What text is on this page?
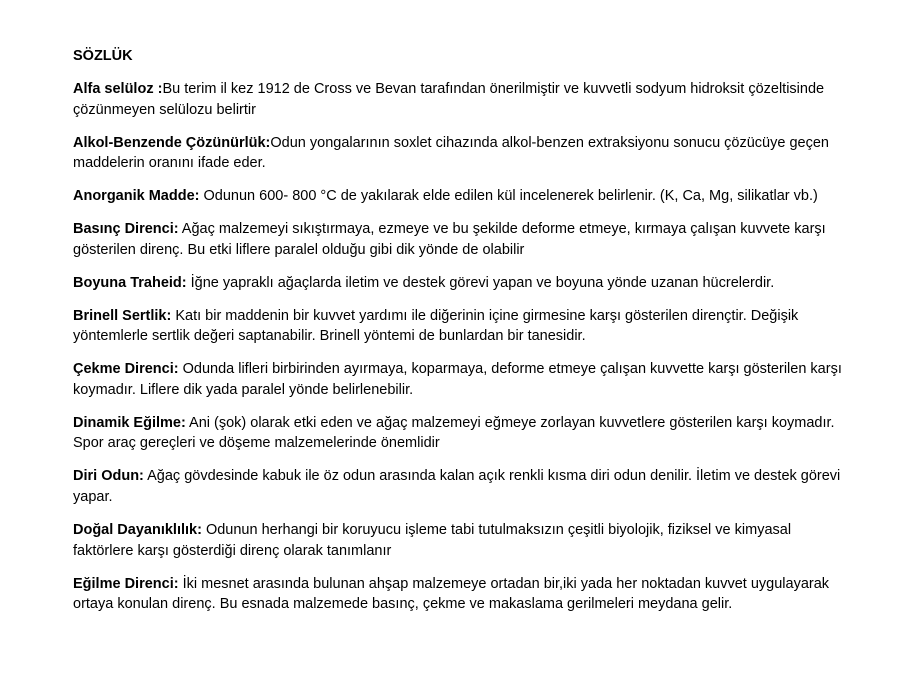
SÖZLÜK

Alfa selüloz :Bu terim il kez 1912 de Cross ve Bevan tarafından önerilmiştir ve kuvvetli sodyum hidroksit çözeltisinde çözünmeyen selülozu belirtir

Alkol-Benzende Çözünürlük:Odun yongalarının soxlet cihazında alkol-benzen extraksiyonu sonucu çözücüye geçen maddelerin oranını ifade eder.

Anorganik Madde: Odunun 600- 800 °C de yakılarak elde edilen kül incelenerek belirlenir. (K, Ca, Mg, silikatlar vb.)

Basınç Direnci: Ağaç malzemeyi sıkıştırmaya, ezmeye ve bu şekilde deforme etmeye, kırmaya çalışan kuvvete karşı gösterilen direnç. Bu etki liflere paralel olduğu gibi dik yönde de olabilir

Boyuna Traheid: İğne yapraklı ağaçlarda iletim ve destek görevi yapan ve boyuna yönde uzanan hücrelerdir.

Brinell Sertlik: Katı bir maddenin bir kuvvet yardımı ile diğerinin içine girmesine karşı gösterilen dirençtir. Değişik yöntemlerle sertlik değeri saptanabilir. Brinell yöntemi de bunlardan bir tanesidir.

Çekme Direnci: Odunda lifleri birbirinden ayırmaya, koparmaya, deforme etmeye çalışan kuvvette karşı gösterilen karşı koymadır. Liflere dik yada paralel yönde belirlenebilir.

Dinamik Eğilme: Ani (şok) olarak etki eden ve ağaç malzemeyi eğmeye zorlayan kuvvetlere gösterilen karşı koymadır. Spor araç gereçleri ve döşeme malzemelerinde önemlidir

Diri Odun: Ağaç gövdesinde kabuk ile öz odun arasında kalan açık renkli kısma diri odun denilir. İletim ve destek görevi yapar.

Doğal Dayanıklılık: Odunun herhangi bir koruyucu işleme tabi tutulmaksızın çeşitli biyolojik, fiziksel ve kimyasal faktörlere karşı gösterdiği direnç olarak tanımlanır

Eğilme Direnci: İki mesnet arasında bulunan ahşap malzemeye ortadan bir,iki yada her noktadan kuvvet uygulayarak ortaya konulan direnç. Bu esnada malzemede basınç, çekme ve makaslama gerilmeleri meydana gelir.
